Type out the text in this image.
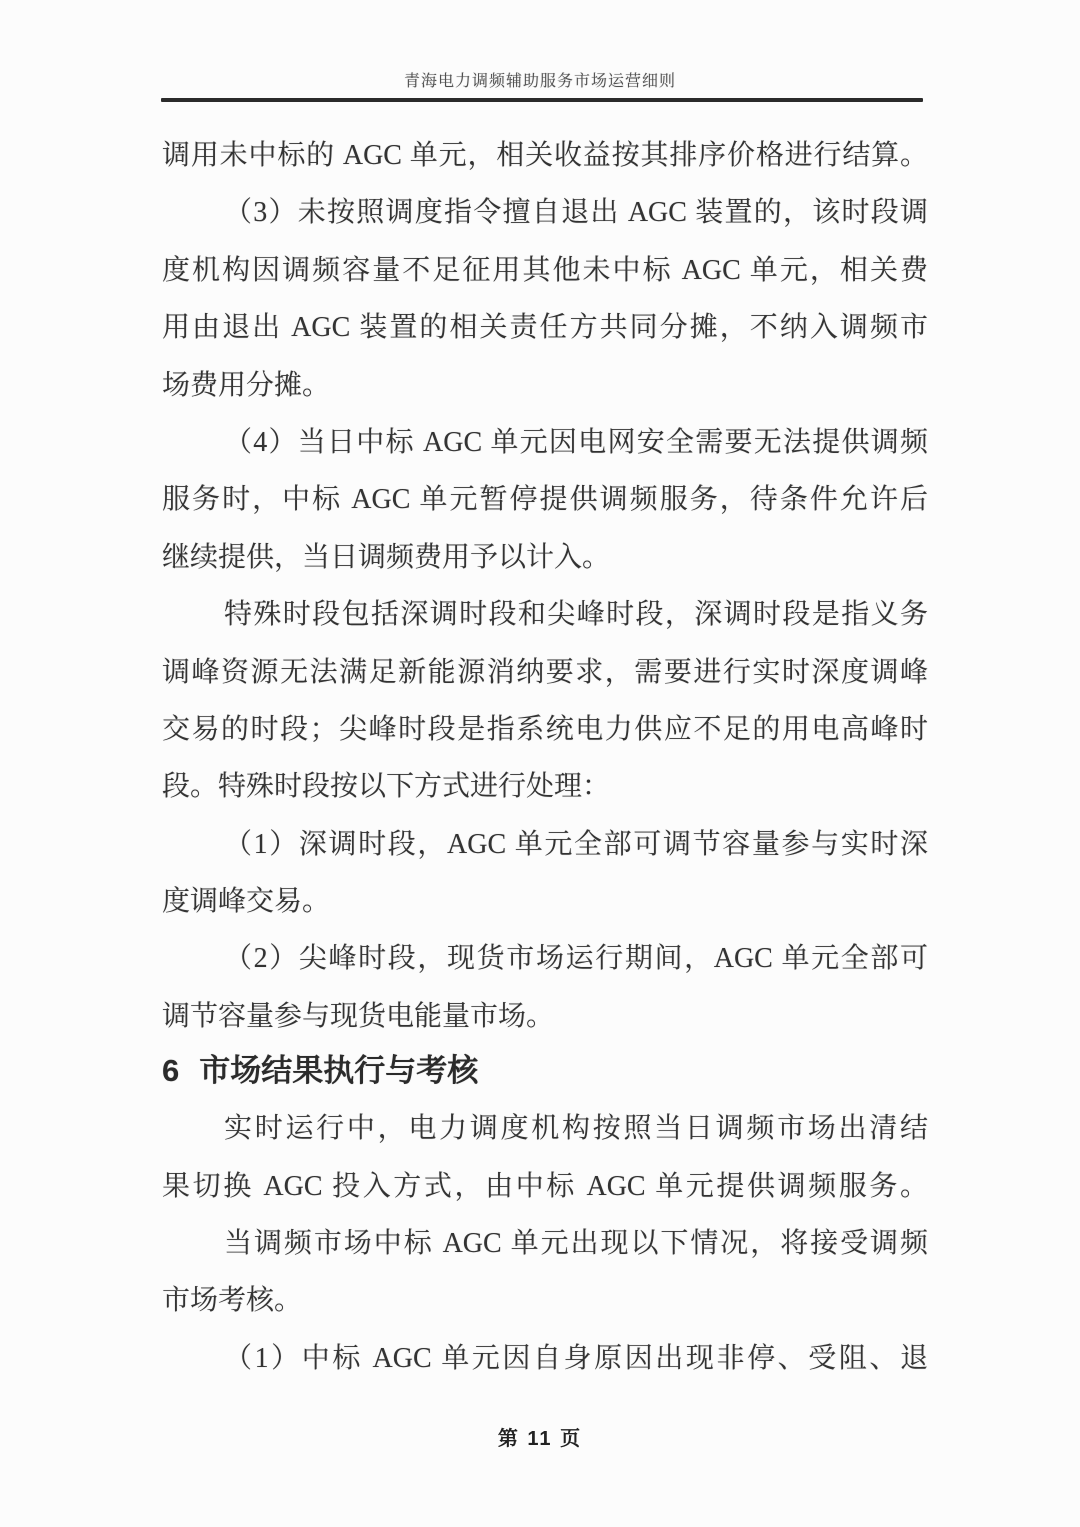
青海电力调频辅助服务市场运营细则
调用未中标的 AGC 单元，相关收益按其排序价格进行结算。
（3）未按照调度指令擅自退出 AGC 装置的，该时段调
度机构因调频容量不足征用其他未中标 AGC 单元，相关费
用由退出 AGC 装置的相关责任方共同分摊，不纳入调频市
场费用分摊。
（4）当日中标 AGC 单元因电网安全需要无法提供调频
服务时，中标 AGC 单元暂停提供调频服务，待条件允许后
继续提供，当日调频费用予以计入。
特殊时段包括深调时段和尖峰时段，深调时段是指义务
调峰资源无法满足新能源消纳要求，需要进行实时深度调峰
交易的时段；尖峰时段是指系统电力供应不足的用电高峰时
段。特殊时段按以下方式进行处理：
（1）深调时段，AGC 单元全部可调节容量参与实时深
度调峰交易。
（2）尖峰时段，现货市场运行期间，AGC 单元全部可
调节容量参与现货电能量市场。
6 市场结果执行与考核
实时运行中，电力调度机构按照当日调频市场出清结
果切换 AGC 投入方式，由中标 AGC 单元提供调频服务。
当调频市场中标 AGC 单元出现以下情况，将接受调频
市场考核。
（1）中标 AGC 单元因自身原因出现非停、受阻、退
第 11 页
